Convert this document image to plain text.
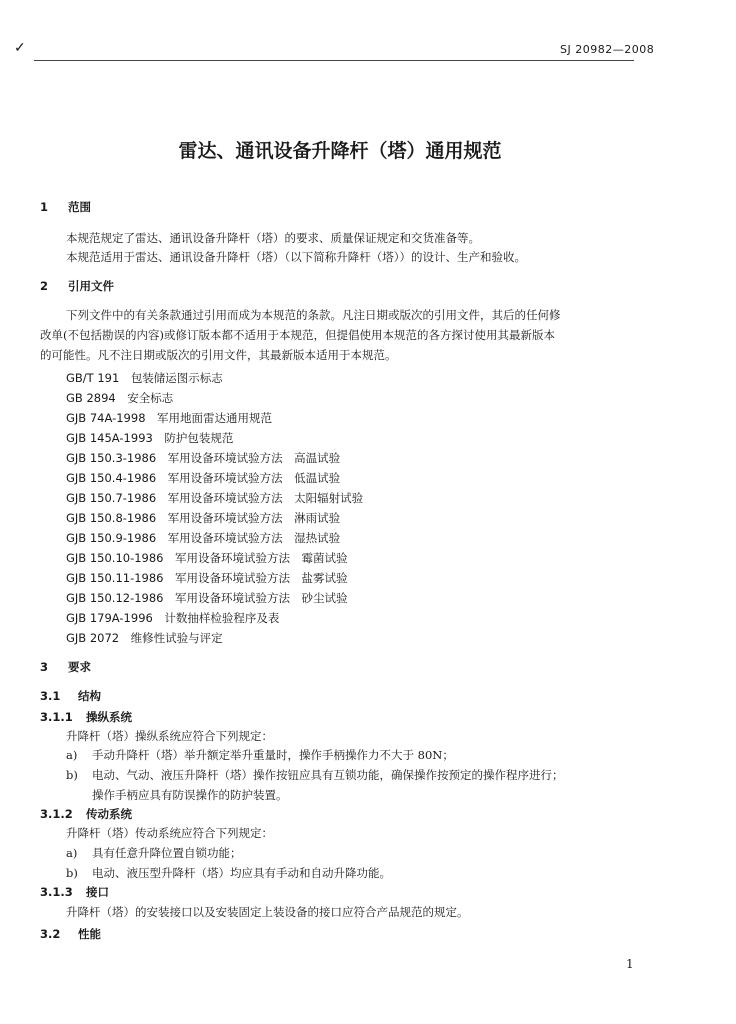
✓	SJ 20982—2008
雷达、通讯设备升降杆（塔）通用规范
1 范围
本规范规定了雷达、通讯设备升降杆（塔）的要求、质量保证规定和交货准备等。
本规范适用于雷达、通讯设备升降杆（塔）（以下简称升降杆（塔））的设计、生产和验收。
2 引用文件
下列文件中的有关条款通过引用而成为本规范的条款。凡注日期或版次的引用文件，其后的任何修
改单(不包括勘误的内容)或修订版本都不适用于本规范，但提倡使用本规范的各方探讨使用其最新版本
的可能性。凡不注日期或版次的引用文件，其最新版本适用于本规范。
GB/T 191　 包装储运图示标志
GB 2894　 安全标志
GJB 74A-1998　 军用地面雷达通用规范
GJB 145A-1993　 防护包装规范
GJB 150.3-1986　 军用设备环境试验方法　高温试验
GJB 150.4-1986　 军用设备环境试验方法　低温试验
GJB 150.7-1986　 军用设备环境试验方法　太阳辐射试验
GJB 150.8-1986　 军用设备环境试验方法　淋雨试验
GJB 150.9-1986　 军用设备环境试验方法　湿热试验
GJB 150.10-1986　 军用设备环境试验方法　霉菌试验
GJB 150.11-1986　 军用设备环境试验方法　盐雾试验
GJB 150.12-1986　 军用设备环境试验方法　砂尘试验
GJB 179A-1996　 计数抽样检验程序及表
GJB 2072　 维修性试验与评定
3 要求
3.1 结构
3.1.1 操纵系统
升降杆（塔）操纵系统应符合下列规定：
a) 手动升降杆（塔）举升额定举升重量时，操作手柄操作力不大于 80N；
b) 电动、气动、液压升降杆（塔）操作按钮应具有互锁功能，确保操作按预定的操作程序进行；
操作手柄应具有防误操作的防护装置。
3.1.2 传动系统
升降杆（塔）传动系统应符合下列规定：
a) 具有任意升降位置自锁功能；
b) 电动、液压型升降杆（塔）均应具有手动和自动升降功能。
3.1.3 接口
升降杆（塔）的安装接口以及安装固定上装设备的接口应符合产品规范的规定。
3.2 性能
1
